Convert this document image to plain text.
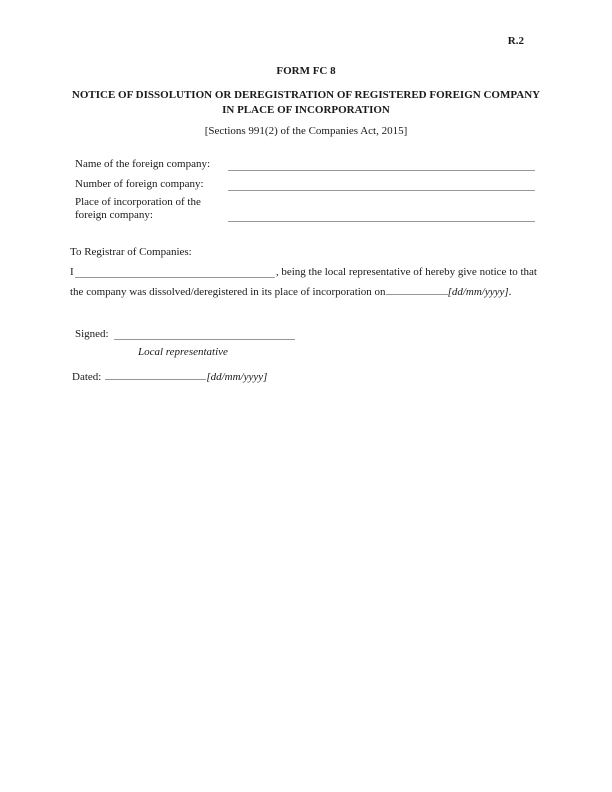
R.2
FORM FC 8
NOTICE OF DISSOLUTION OR DEREGISTRATION OF REGISTERED FOREIGN COMPANY
IN PLACE OF INCORPORATION
[Sections 991(2) of the Companies Act, 2015]
Name of the foreign company:
Number of foreign company:
Place of incorporation of the
foreign company:
To Registrar of Companies:
I	, being the local representative of hereby give notice to that
the company was dissolved/deregistered in its place of incorporation on	[dd/mm/yyyy].
Signed:
Local representative
Dated:	[dd/mm/yyyy]
